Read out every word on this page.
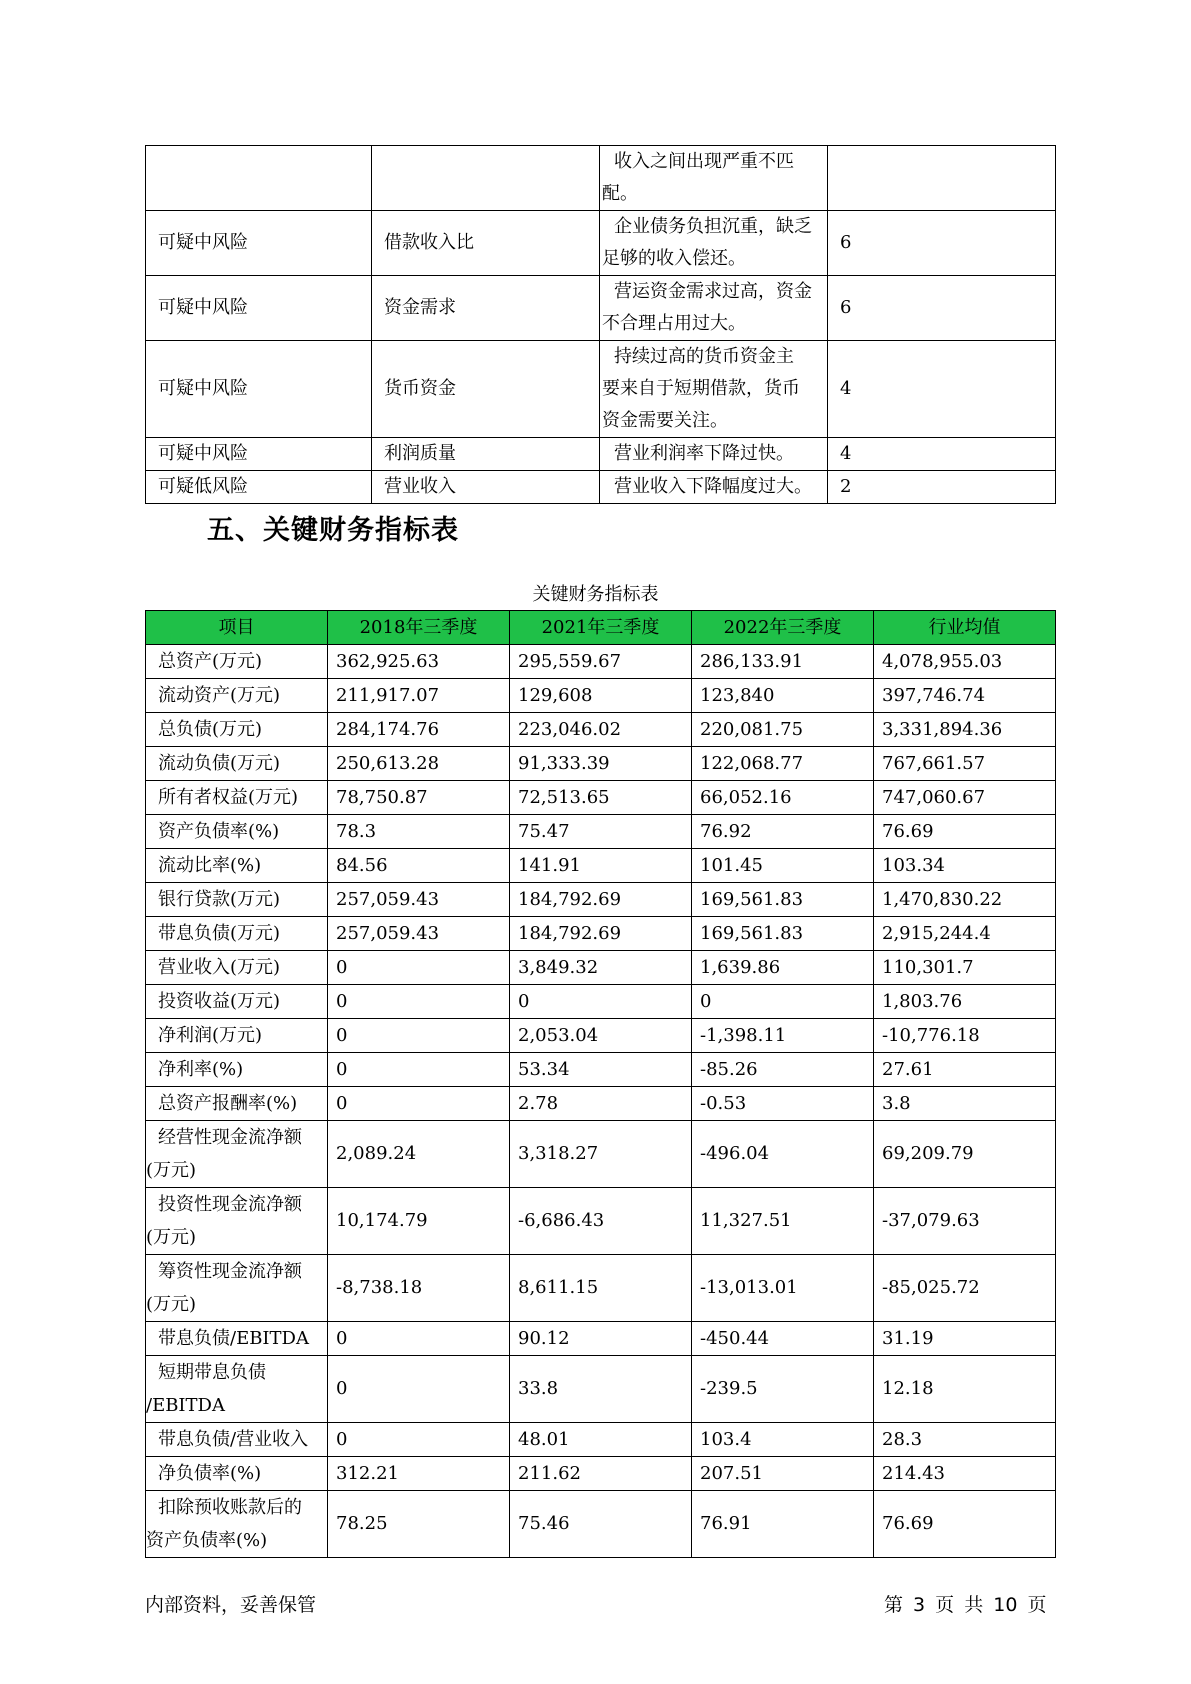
		收入之间出现严重不匹配。	

可疑中风险	借款收入比	企业债务负担沉重，缺乏
足够的收入偿还。	6
可疑中风险	资金需求	营运资金需求过高，资金
不合理占用过大。	6
可疑中风险	货币资金	持续过高的货币资金主
要来自于短期借款，货币
资金需要关注。	4
可疑中风险	利润质量	营业利润率下降过快。	4
可疑低风险	营业收入	营业收入下降幅度过大。	2
五、关键财务指标表
关键财务指标表
项目	2018年三季度	2021年三季度	2022年三季度	行业均值

总资产(万元)	362,925.63	295,559.67	286,133.91	4,078,955.03

流动资产(万元)	211,917.07	129,608	123,840	397,746.74

总负债(万元)	284,174.76	223,046.02	220,081.75	3,331,894.36

流动负债(万元)	250,613.28	91,333.39	122,068.77	767,661.57

所有者权益(万元)	78,750.87	72,513.65	66,052.16	747,060.67

资产负债率(%)	78.3	75.47	76.92	76.69

流动比率(%)	84.56	141.91	101.45	103.34

银行贷款(万元)	257,059.43	184,792.69	169,561.83	1,470,830.22

带息负债(万元)	257,059.43	184,792.69	169,561.83	2,915,244.4

营业收入(万元)	0	3,849.32	1,639.86	110,301.7

投资收益(万元)	0	0	0	1,803.76

净利润(万元)	0	2,053.04	-1,398.11	-10,776.18

净利率(%)	0	53.34	-85.26	27.61

总资产报酬率(%)	0	2.78	-0.53	3.8

经营性现金流净额
(万元)	2,089.24	3,318.27	-496.04	69,209.79

投资性现金流净额
(万元)	10,174.79	-6,686.43	11,327.51	-37,079.63

筹资性现金流净额
(万元)	-8,738.18	8,611.15	-13,013.01	-85,025.72

带息负债/EBITDA	0	90.12	-450.44	31.19

短期带息负债
/EBITDA	0	33.8	-239.5	12.18

带息负债/营业收入	0	48.01	103.4	28.3

净负债率(%)	312.21	211.62	207.51	214.43

扣除预收账款后的
资产负债率(%)	78.25	75.46	76.91	76.69
内部资料，妥善保管	第 3 页 共 10 页
